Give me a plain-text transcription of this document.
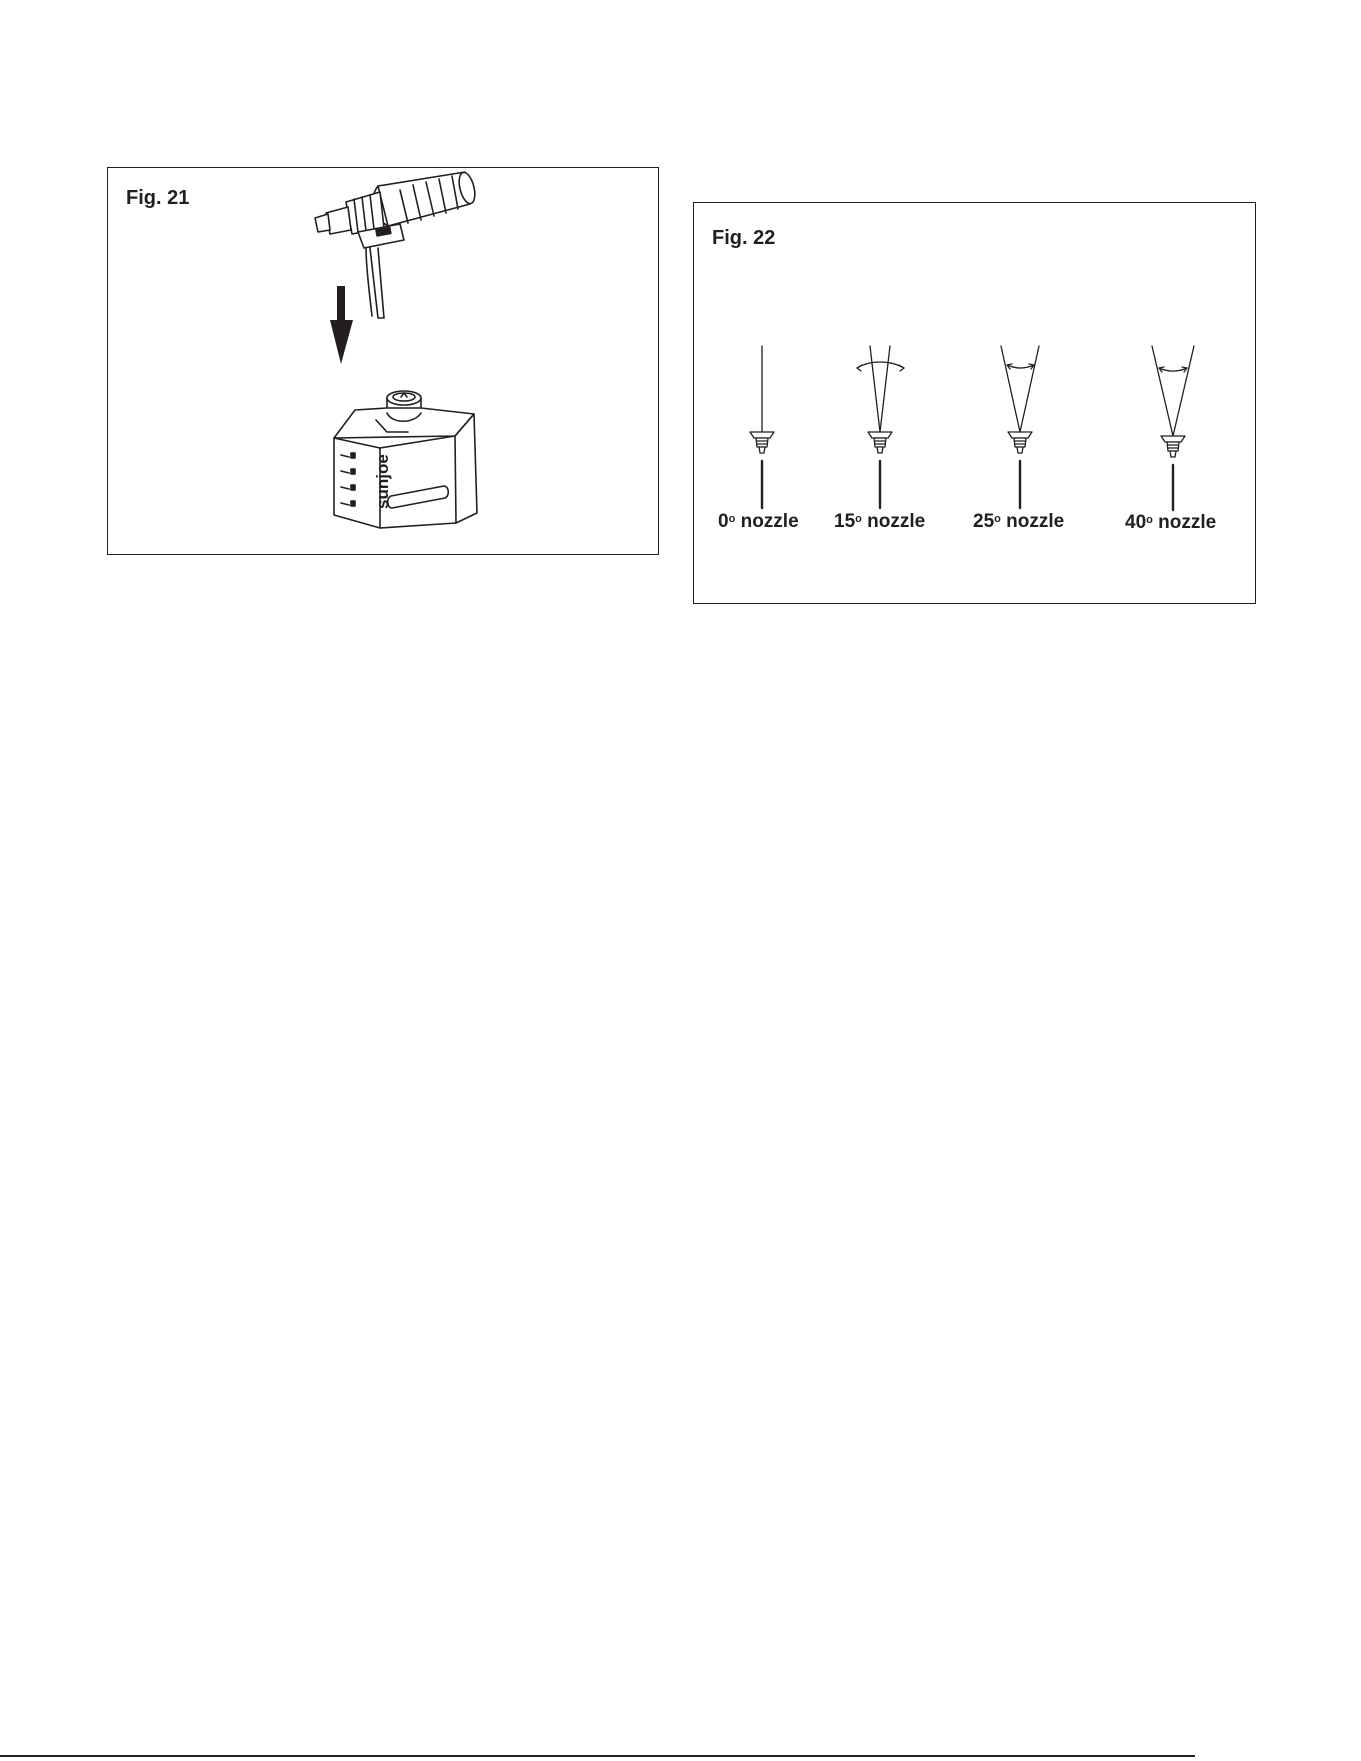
Fig. 21
sunjoe
Fig. 22
0$^o$ nozzle 15$^o$ nozzle	25$^o$ nozzle	40$^o$ nozzle
